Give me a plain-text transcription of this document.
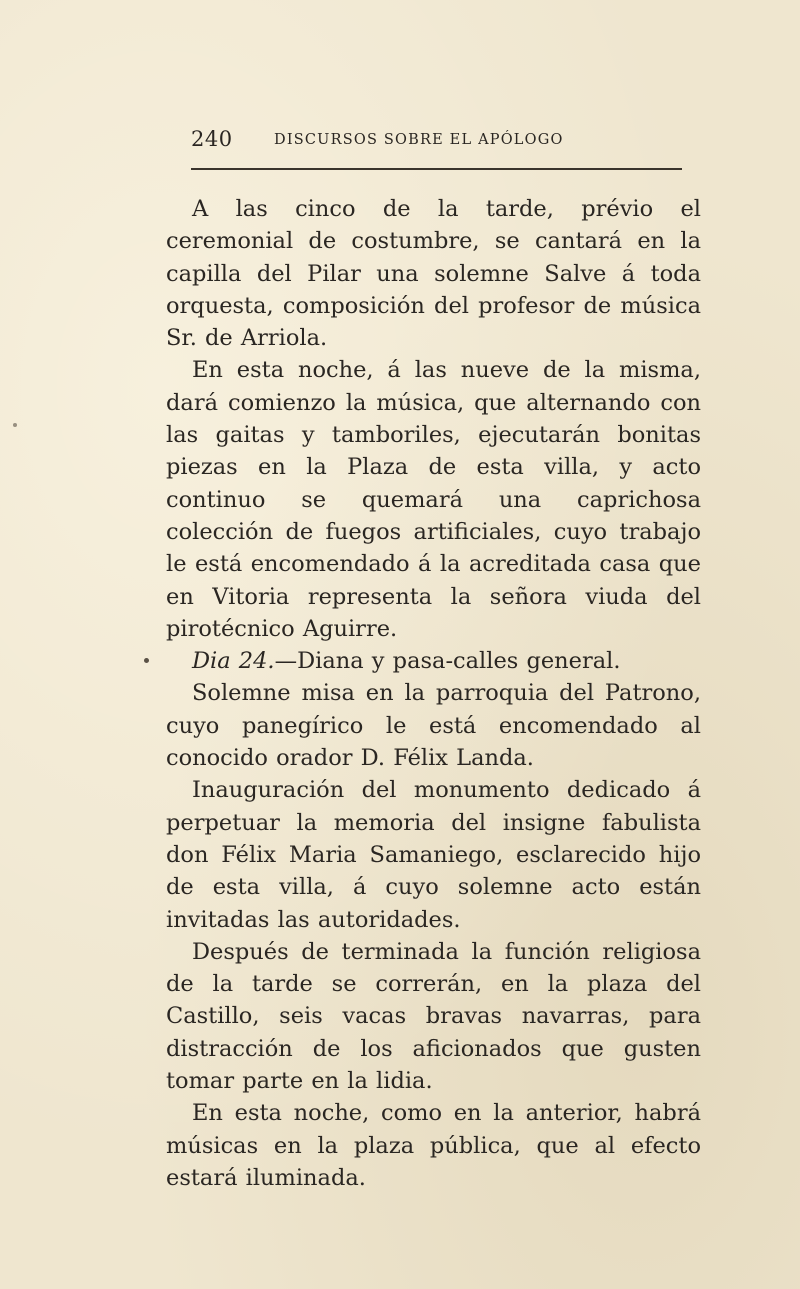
240	DISCURSOS SOBRE EL APÓLOGO

A las cinco de la tarde, prévio el ceremonial de costumbre, se cantará en la capilla del Pilar una solemne Salve á toda orquesta, composición del profesor de música Sr. de Arriola.

En esta noche, á las nueve de la misma, dará comienzo la música, que alternando con las gaitas y tamboriles, ejecutarán bonitas piezas en la Plaza de esta villa, y acto continuo se quemará una caprichosa colección de fuegos artificiales, cuyo trabajo le está encomendado á la acreditada casa que en Vitoria representa la señora viuda del pirotécnico Aguirre.

Dia 24.—Diana y pasa-calles general.

Solemne misa en la parroquia del Patrono, cuyo panegírico le está encomendado al conocido orador D. Félix Landa.

Inauguración del monumento dedicado á perpetuar la memoria del insigne fabulista don Félix Maria Samaniego, esclarecido hijo de esta villa, á cuyo solemne acto están invitadas las autoridades.

Después de terminada la función religiosa de la tarde se correrán, en la plaza del Castillo, seis vacas bravas navarras, para distracción de los aficionados que gusten tomar parte en la lidia.

En esta noche, como en la anterior, habrá músicas en la plaza pública, que al efecto estará iluminada.
